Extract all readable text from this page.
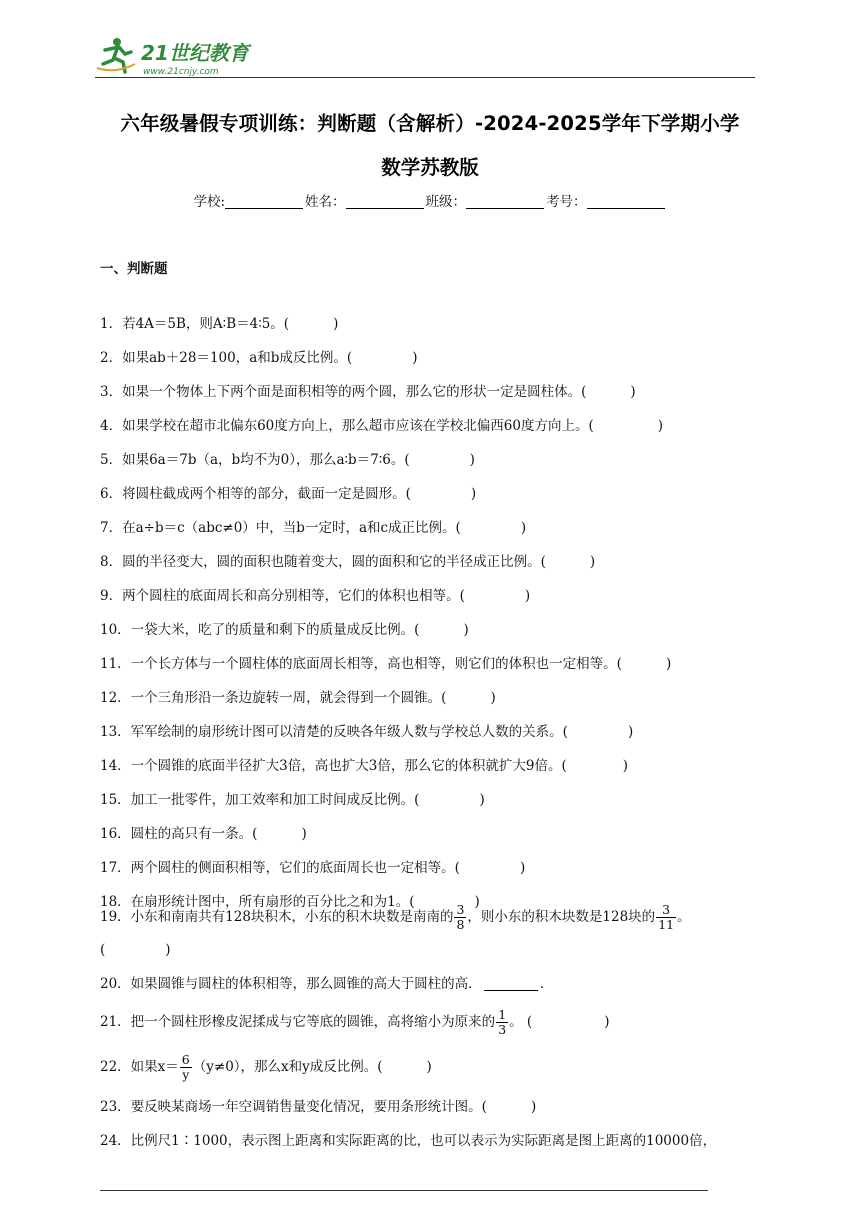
21世纪教育
www.21cnjy.com
六年级暑假专项训练：判断题（含解析）-2024-2025学年下学期小学
数学苏教版
学校:	姓名：	班级：	考号：
一、判断题
1．若4A＝5B，则A∶B＝4∶5。(	)
2．如果ab＋28＝100，a和b成反比例。(	)
3．如果一个物体上下两个面是面积相等的两个圆，那么它的形状一定是圆柱体。(	)
4．如果学校在超市北偏东60度方向上，那么超市应该在学校北偏西60度方向上。(	)
5．如果6a＝7b（a，b均不为0），那么a∶b＝7∶6。(	)
6．将圆柱截成两个相等的部分，截面一定是圆形。(	)
7．在a÷b＝c（abc≠0）中，当b一定时，a和c成正比例。(	)
8．圆的半径变大，圆的面积也随着变大，圆的面积和它的半径成正比例。(	)
9．两个圆柱的底面周长和高分别相等，它们的体积也相等。(	)
10．一袋大米，吃了的质量和剩下的质量成反比例。(	)
11．一个长方体与一个圆柱体的底面周长相等，高也相等，则它们的体积也一定相等。(	)
12．一个三角形沿一条边旋转一周，就会得到一个圆锥。(	)
13．军军绘制的扇形统计图可以清楚的反映各年级人数与学校总人数的关系。(	)
14．一个圆锥的底面半径扩大3倍，高也扩大3倍，那么它的体积就扩大9倍。(	)
15．加工一批零件，加工效率和加工时间成反比例。(	)
16．圆柱的高只有一条。(	)
17．两个圆柱的侧面积相等，它们的底面周长也一定相等。(	)
18．在扇形统计图中，所有扇形的百分比之和为1。(	)
19．小东和南南共有128块积木，小东的积木块数是南南的 $\frac{3}{8}$ ，则小东的积木块数是128块的 $\frac{3}{11}$ 。
(	)
20．如果圆锥与圆柱的体积相等，那么圆锥的高大于圆柱的高．	.
21．把一个圆柱形橡皮泥揉成与它等底的圆锥，高将缩小为原来的 $\frac{1}{3}$ 。 (	)
22．如果$x= \frac{6}{y} (y\ne 0)$，那么x和y成反比例。(	)
23．要反映某商场一年空调销售量变化情况，要用条形统计图。(	)
24．比例尺1∶1000，表示图上距离和实际距离的比，也可以表示为实际距离是图上距离的10000倍，
